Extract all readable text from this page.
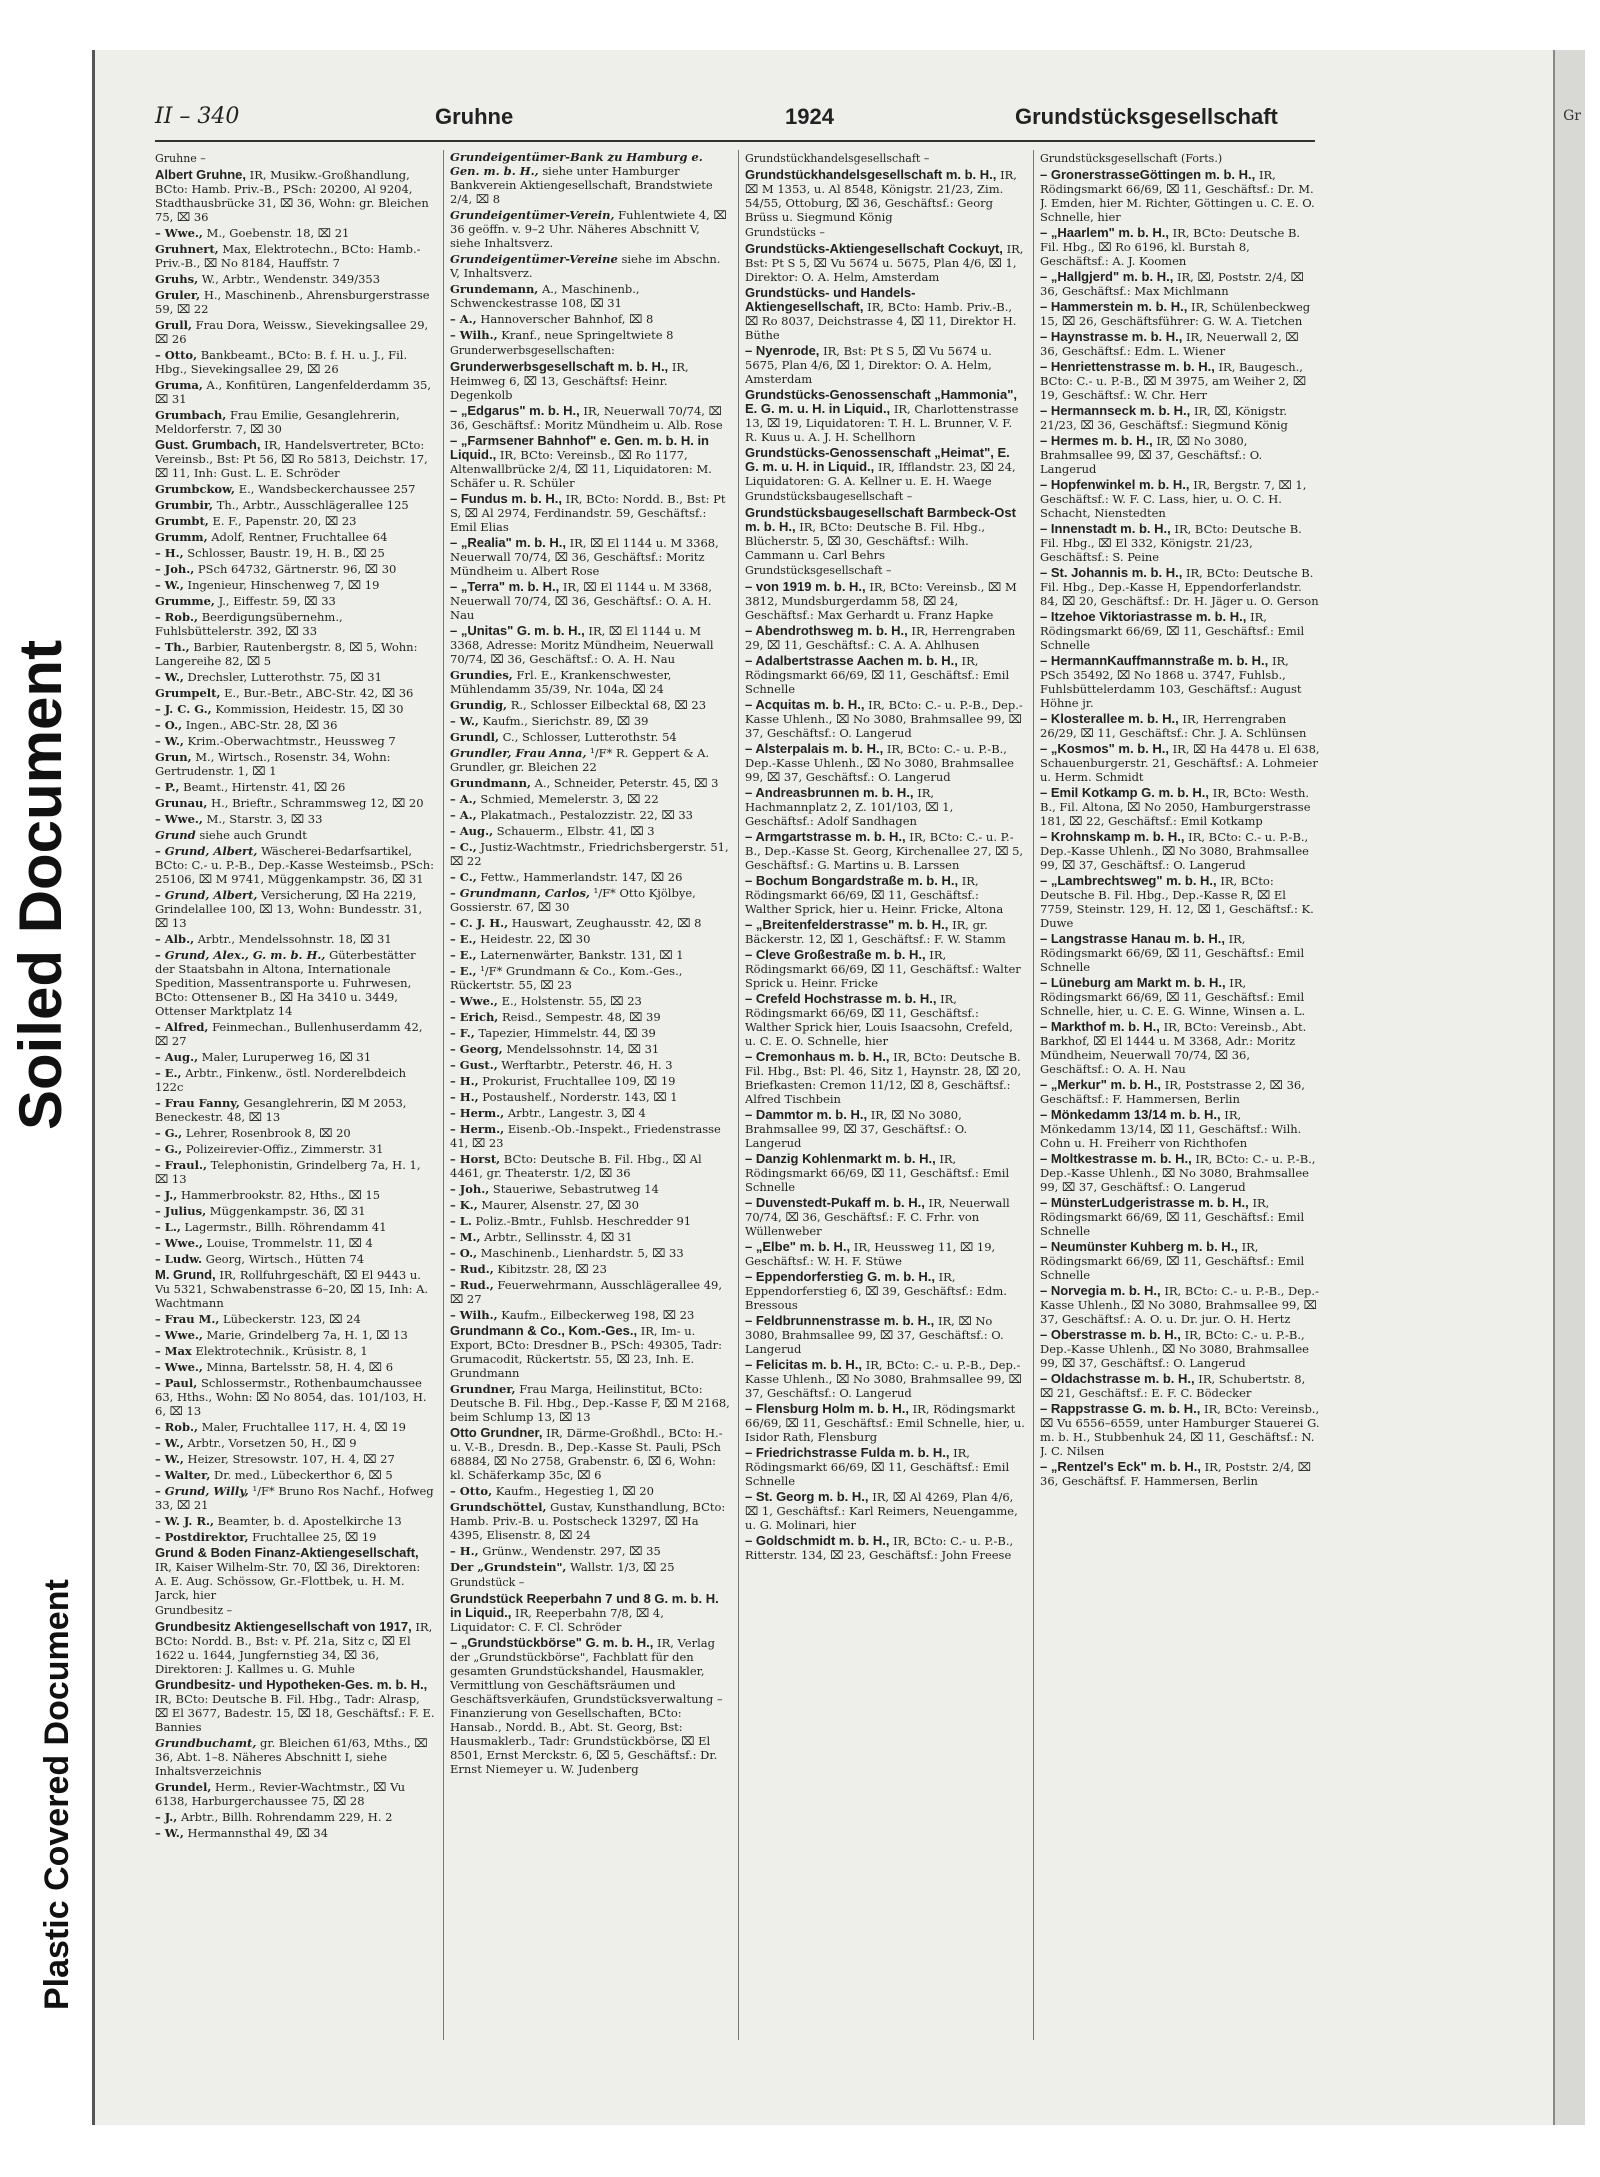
Soiled Document
Plastic Covered Document
Gr
II – 340	Gruhne	1924	Grundstücksgesellschaft
Gruhne –
Albert Gruhne, IR, Musikw.-Großhandlung, BCto: Hamb. Priv.-B., PSch: 20200, Al 9204, Stadthausbrücke 31, ⌧ 36, Wohn: gr. Bleichen 75, ⌧ 36
– Wwe., M., Goebenstr. 18, ⌧ 21
Gruhnert, Max, Elektrotechn., BCto: Hamb.-Priv.-B., ⌧ No 8184, Hauffstr. 7
Gruhs, W., Arbtr., Wendenstr. 349/353
Gruler, H., Maschinenb., Ahrensburgerstrasse 59, ⌧ 22
Grull, Frau Dora, Weissw., Sievekingsallee 29, ⌧ 26
– Otto, Bankbeamt., BCto: B. f. H. u. J., Fil. Hbg., Sievekingsallee 29, ⌧ 26
Gruma, A., Konfitüren, Langenfelderdamm 35, ⌧ 31
Grumbach, Frau Emilie, Gesanglehrerin, Meldorferstr. 7, ⌧ 30
Gust. Grumbach, IR, Handelsvertreter, BCto: Vereinsb., Bst: Pt 56, ⌧ Ro 5813, Deichstr. 17, ⌧ 11, Inh: Gust. L. E. Schröder
Grumbckow, E., Wandsbeckerchaussee 257
Grumbir, Th., Arbtr., Ausschlägerallee 125
Grumbt, E. F., Papenstr. 20, ⌧ 23
Grumm, Adolf, Rentner, Fruchtallee 64
– H., Schlosser, Baustr. 19, H. B., ⌧ 25
– Joh., PSch 64732, Gärtnerstr. 96, ⌧ 30
– W., Ingenieur, Hinschenweg 7, ⌧ 19
Grumme, J., Eiffestr. 59, ⌧ 33
– Rob., Beerdigungsübernehm., Fuhlsbüttelerstr. 392, ⌧ 33
– Th., Barbier, Rautenbergstr. 8, ⌧ 5, Wohn: Langereihe 82, ⌧ 5
– W., Drechsler, Lutterothstr. 75, ⌧ 31
Grumpelt, E., Bur.-Betr., ABC-Str. 42, ⌧ 36
– J. C. G., Kommission, Heidestr. 15, ⌧ 30
– O., Ingen., ABC-Str. 28, ⌧ 36
– W., Krim.-Oberwachtmstr., Heussweg 7
Grun, M., Wirtsch., Rosenstr. 34, Wohn: Gertrudenstr. 1, ⌧ 1
– P., Beamt., Hirtenstr. 41, ⌧ 26
Grunau, H., Brieftr., Schrammsweg 12, ⌧ 20
– Wwe., M., Starstr. 3, ⌧ 33
Grund siehe auch Grundt
– Grund, Albert, Wäscherei-Bedarfsartikel, BCto: C.- u. P.-B., Dep.-Kasse Westeimsb., PSch: 25106, ⌧ M 9741, Müggenkampstr. 36, ⌧ 31
– Grund, Albert, Versicherung, ⌧ Ha 2219, Grindelallee 100, ⌧ 13, Wohn: Bundesstr. 31, ⌧ 13
– Alb., Arbtr., Mendelssohnstr. 18, ⌧ 31
– Grund, Alex., G. m. b. H., Güterbestätter der Staatsbahn in Altona, Internationale Spedition, Massentransporte u. Fuhrwesen, BCto: Ottensener B., ⌧ Ha 3410 u. 3449, Ottenser Marktplatz 14
– Alfred, Feinmechan., Bullenhuserdamm 42, ⌧ 27
– Aug., Maler, Luruperweg 16, ⌧ 31
– E., Arbtr., Finkenw., östl. Norderelbdeich 122c
– Frau Fanny, Gesanglehrerin, ⌧ M 2053, Beneckestr. 48, ⌧ 13
– G., Lehrer, Rosenbrook 8, ⌧ 20
– G., Polizeirevier-Offiz., Zimmerstr. 31
– Fraul., Telephonistin, Grindelberg 7a, H. 1, ⌧ 13
– J., Hammerbrookstr. 82, Hths., ⌧ 15
– Julius, Müggenkampstr. 36, ⌧ 31
– L., Lagermstr., Billh. Röhrendamm 41
– Wwe., Louise, Trommelstr. 11, ⌧ 4
– Ludw. Georg, Wirtsch., Hütten 74
M. Grund, IR, Rollfuhrgeschäft, ⌧ El 9443 u. Vu 5321, Schwabenstrasse 6–20, ⌧ 15, Inh: A. Wachtmann
– Frau M., Lübeckerstr. 123, ⌧ 24
– Wwe., Marie, Grindelberg 7a, H. 1, ⌧ 13
– Max Elektrotechnik., Krüsistr. 8, 1
– Wwe., Minna, Bartelsstr. 58, H. 4, ⌧ 6
– Paul, Schlossermstr., Rothenbaumchaussee 63, Hths., Wohn: ⌧ No 8054, das. 101/103, H. 6, ⌧ 13
– Rob., Maler, Fruchtallee 117, H. 4, ⌧ 19
– W., Arbtr., Vorsetzen 50, H., ⌧ 9
– W., Heizer, Stresowstr. 107, H. 4, ⌧ 27
– Walter, Dr. med., Lübeckerthor 6, ⌧ 5
– Grund, Willy, ¹/F* Bruno Ros Nachf., Hofweg 33, ⌧ 21
– W. J. R., Beamter, b. d. Apostelkirche 13
– Postdirektor, Fruchtallee 25, ⌧ 19
Grund & Boden Finanz-Aktiengesellschaft, IR, Kaiser Wilhelm-Str. 70, ⌧ 36, Direktoren: A. E. Aug. Schössow, Gr.-Flottbek, u. H. M. Jarck, hier
Grundbesitz –
Grundbesitz Aktiengesellschaft von 1917, IR, BCto: Nordd. B., Bst: v. Pf. 21a, Sitz c, ⌧ El 1622 u. 1644, Jungfernstieg 34, ⌧ 36, Direktoren: J. Kallmes u. G. Muhle
Grundbesitz- und Hypotheken-Ges. m. b. H., IR, BCto: Deutsche B. Fil. Hbg., Tadr: Alrasp, ⌧ El 3677, Badestr. 15, ⌧ 18, Geschäftsf.: F. E. Bannies
Grundbuchamt, gr. Bleichen 61/63, Mths., ⌧ 36, Abt. 1–8. Näheres Abschnitt I, siehe Inhaltsverzeichnis
Grundel, Herm., Revier-Wachtmstr., ⌧ Vu 6138, Harburgerchaussee 75, ⌧ 28
– J., Arbtr., Billh. Rohrendamm 229, H. 2
– W., Hermannsthal 49, ⌧ 34
Grundeigentümer-Bank zu Hamburg e. Gen. m. b. H., siehe unter Hamburger Bankverein Aktiengesellschaft, Brandstwiete 2/4, ⌧ 8
Grundeigentümer-Verein, Fuhlentwiete 4, ⌧ 36 geöffn. v. 9–2 Uhr. Näheres Abschnitt V, siehe Inhaltsverz.
Grundeigentümer-Vereine siehe im Abschn. V, Inhaltsverz.
Grundemann, A., Maschinenb., Schwenckestrasse 108, ⌧ 31
– A., Hannoverscher Bahnhof, ⌧ 8
– Wilh., Kranf., neue Springeltwiete 8
Grunderwerbsgesellschaften:
Grunderwerbsgesellschaft m. b. H., IR, Heimweg 6, ⌧ 13, Geschäftsf: Heinr. Degenkolb
– „Edgarus" m. b. H., IR, Neuerwall 70/74, ⌧ 36, Geschäftsf.: Moritz Mündheim u. Alb. Rose
– „Farmsener Bahnhof" e. Gen. m. b. H. in Liquid., IR, BCto: Vereinsb., ⌧ Ro 1177, Altenwallbrücke 2/4, ⌧ 11, Liquidatoren: M. Schäfer u. R. Schüler
– Fundus m. b. H., IR, BCto: Nordd. B., Bst: Pt S, ⌧ Al 2974, Ferdinandstr. 59, Geschäftsf.: Emil Elias
– „Realia" m. b. H., IR, ⌧ El 1144 u. M 3368, Neuerwall 70/74, ⌧ 36, Geschäftsf.: Moritz Mündheim u. Albert Rose
– „Terra" m. b. H., IR, ⌧ El 1144 u. M 3368, Neuerwall 70/74, ⌧ 36, Geschäftsf.: O. A. H. Nau
– „Unitas" G. m. b. H., IR, ⌧ El 1144 u. M 3368, Adresse: Moritz Mündheim, Neuerwall 70/74, ⌧ 36, Geschäftsf.: O. A. H. Nau
Grundies, Frl. E., Krankenschwester, Mühlendamm 35/39, Nr. 104a, ⌧ 24
Grundig, R., Schlosser Eilbecktal 68, ⌧ 23
– W., Kaufm., Sierichstr. 89, ⌧ 39
Grundl, C., Schlosser, Lutterothstr. 54
Grundler, Frau Anna, ¹/F* R. Geppert & A. Grundler, gr. Bleichen 22
Grundmann, A., Schneider, Peterstr. 45, ⌧ 3
– A., Schmied, Memelerstr. 3, ⌧ 22
– A., Plakatmach., Pestalozzistr. 22, ⌧ 33
– Aug., Schauerm., Elbstr. 41, ⌧ 3
– C., Justiz-Wachtmstr., Friedrichsbergerstr. 51, ⌧ 22
– C., Fettw., Hammerlandstr. 147, ⌧ 26
– Grundmann, Carlos, ¹/F* Otto Kjölbye, Gossierstr. 67, ⌧ 30
– C. J. H., Hauswart, Zeughausstr. 42, ⌧ 8
– E., Heidestr. 22, ⌧ 30
– E., Laternenwärter, Bankstr. 131, ⌧ 1
– E., ¹/F* Grundmann & Co., Kom.-Ges., Rückertstr. 55, ⌧ 23
– Wwe., E., Holstenstr. 55, ⌧ 23
– Erich, Reisd., Sempestr. 48, ⌧ 39
– F., Tapezier, Himmelstr. 44, ⌧ 39
– Georg, Mendelssohnstr. 14, ⌧ 31
– Gust., Werftarbtr., Peterstr. 46, H. 3
– H., Prokurist, Fruchtallee 109, ⌧ 19
– H., Postaushelf., Norderstr. 143, ⌧ 1
– Herm., Arbtr., Langestr. 3, ⌧ 4
– Herm., Eisenb.-Ob.-Inspekt., Friedenstrasse 41, ⌧ 23
– Horst, BCto: Deutsche B. Fil. Hbg., ⌧ Al 4461, gr. Theaterstr. 1/2, ⌧ 36
– Joh., Staueriwe, Sebastrutweg 14
– K., Maurer, Alsenstr. 27, ⌧ 30
– L. Poliz.-Bmtr., Fuhlsb. Heschredder 91
– M., Arbtr., Sellinsstr. 4, ⌧ 31
– O., Maschinenb., Lienhardstr. 5, ⌧ 33
– Rud., Kibitzstr. 28, ⌧ 23
– Rud., Feuerwehrmann, Ausschlägerallee 49, ⌧ 27
– Wilh., Kaufm., Eilbeckerweg 198, ⌧ 23
Grundmann & Co., Kom.-Ges., IR, Im- u. Export, BCto: Dresdner B., PSch: 49305, Tadr: Grumacodit, Rückertstr. 55, ⌧ 23, Inh. E. Grundmann
Grundner, Frau Marga, Heilinstitut, BCto: Deutsche B. Fil. Hbg., Dep.-Kasse F, ⌧ M 2168, beim Schlump 13, ⌧ 13
Otto Grundner, IR, Därme-Großhdl., BCto: H.- u. V.-B., Dresdn. B., Dep.-Kasse St. Pauli, PSch 68884, ⌧ No 2758, Grabenstr. 6, ⌧ 6, Wohn: kl. Schäferkamp 35c, ⌧ 6
– Otto, Kaufm., Hegestieg 1, ⌧ 20
Grundschöttel, Gustav, Kunsthandlung, BCto: Hamb. Priv.-B. u. Postscheck 13297, ⌧ Ha 4395, Elisenstr. 8, ⌧ 24
– H., Grünw., Wendenstr. 297, ⌧ 35
Der „Grundstein", Wallstr. 1/3, ⌧ 25
Grundstück –
Grundstück Reeperbahn 7 und 8 G. m. b. H. in Liquid., IR, Reeperbahn 7/8, ⌧ 4, Liquidator: C. F. Cl. Schröder
– „Grundstückbörse" G. m. b. H., IR, Verlag der „Grundstückbörse", Fachblatt für den gesamten Grundstückshandel, Hausmakler, Vermittlung von Geschäftsräumen und Geschäftsverkäufen, Grundstücksverwaltung – Finanzierung von Gesellschaften, BCto: Hansab., Nordd. B., Abt. St. Georg, Bst: Hausmaklerb., Tadr: Grundstückbörse, ⌧ El 8501, Ernst Merckstr. 6, ⌧ 5, Geschäftsf.: Dr. Ernst Niemeyer u. W. Judenberg
Grundstückhandelsgesellschaft –
Grundstückhandelsgesellschaft m. b. H., IR, ⌧ M 1353, u. Al 8548, Königstr. 21/23, Zim. 54/55, Ottoburg, ⌧ 36, Geschäftsf.: Georg Brüss u. Siegmund König
Grundstücks –
Grundstücks-Aktiengesellschaft Cockuyt, IR, Bst: Pt S 5, ⌧ Vu 5674 u. 5675, Plan 4/6, ⌧ 1, Direktor: O. A. Helm, Amsterdam
Grundstücks- und Handels-Aktiengesellschaft, IR, BCto: Hamb. Priv.-B., ⌧ Ro 8037, Deichstrasse 4, ⌧ 11, Direktor H. Büthe
– Nyenrode, IR, Bst: Pt S 5, ⌧ Vu 5674 u. 5675, Plan 4/6, ⌧ 1, Direktor: O. A. Helm, Amsterdam
Grundstücks-Genossenschaft „Hammonia", E. G. m. u. H. in Liquid., IR, Charlottenstrasse 13, ⌧ 19, Liquidatoren: T. H. L. Brunner, V. F. R. Kuus u. A. J. H. Schellhorn
Grundstücks-Genossenschaft „Heimat", E. G. m. u. H. in Liquid., IR, Ifflandstr. 23, ⌧ 24, Liquidatoren: G. A. Kellner u. E. H. Waege
Grundstücksbaugesellschaft –
Grundstücksbaugesellschaft Barmbeck-Ost m. b. H., IR, BCto: Deutsche B. Fil. Hbg., Blücherstr. 5, ⌧ 30, Geschäftsf.: Wilh. Cammann u. Carl Behrs
Grundstücksgesellschaft –
– von 1919 m. b. H., IR, BCto: Vereinsb., ⌧ M 3812, Mundsburgerdamm 58, ⌧ 24, Geschäftsf.: Max Gerhardt u. Franz Hapke
– Abendrothsweg m. b. H., IR, Herrengraben 29, ⌧ 11, Geschäftsf.: C. A. A. Ahlhusen
– Adalbertstrasse Aachen m. b. H., IR, Rödingsmarkt 66/69, ⌧ 11, Geschäftsf.: Emil Schnelle
– Acquitas m. b. H., IR, BCto: C.- u. P.-B., Dep.-Kasse Uhlenh., ⌧ No 3080, Brahmsallee 99, ⌧ 37, Geschäftsf.: O. Langerud
– Alsterpalais m. b. H., IR, BCto: C.- u. P.-B., Dep.-Kasse Uhlenh., ⌧ No 3080, Brahmsallee 99, ⌧ 37, Geschäftsf.: O. Langerud
– Andreasbrunnen m. b. H., IR, Hachmannplatz 2, Z. 101/103, ⌧ 1, Geschäftsf.: Adolf Sandhagen
– Armgartstrasse m. b. H., IR, BCto: C.- u. P.-B., Dep.-Kasse St. Georg, Kirchenallee 27, ⌧ 5, Geschäftsf.: G. Martins u. B. Larssen
– Bochum Bongardstraße m. b. H., IR, Rödingsmarkt 66/69, ⌧ 11, Geschäftsf.: Walther Sprick, hier u. Heinr. Fricke, Altona
– „Breitenfelderstrasse" m. b. H., IR, gr. Bäckerstr. 12, ⌧ 1, Geschäftsf.: F. W. Stamm
– Cleve Großestraße m. b. H., IR, Rödingsmarkt 66/69, ⌧ 11, Geschäftsf.: Walter Sprick u. Heinr. Fricke
– Crefeld Hochstrasse m. b. H., IR, Rödingsmarkt 66/69, ⌧ 11, Geschäftsf.: Walther Sprick hier, Louis Isaacsohn, Crefeld, u. C. E. O. Schnelle, hier
– Cremonhaus m. b. H., IR, BCto: Deutsche B. Fil. Hbg., Bst: Pl. 46, Sitz 1, Haynstr. 28, ⌧ 20, Briefkasten: Cremon 11/12, ⌧ 8, Geschäftsf.: Alfred Tischbein
– Dammtor m. b. H., IR, ⌧ No 3080, Brahmsallee 99, ⌧ 37, Geschäftsf.: O. Langerud
– Danzig Kohlenmarkt m. b. H., IR, Rödingsmarkt 66/69, ⌧ 11, Geschäftsf.: Emil Schnelle
– Duvenstedt-Pukaff m. b. H., IR, Neuerwall 70/74, ⌧ 36, Geschäftsf.: F. C. Frhr. von Wüllenweber
– „Elbe" m. b. H., IR, Heussweg 11, ⌧ 19, Geschäftsf.: W. H. F. Stüwe
– Eppendorferstieg G. m. b. H., IR, Eppendorferstieg 6, ⌧ 39, Geschäftsf.: Edm. Bressous
– Feldbrunnenstrasse m. b. H., IR, ⌧ No 3080, Brahmsallee 99, ⌧ 37, Geschäftsf.: O. Langerud
– Felicitas m. b. H., IR, BCto: C.- u. P.-B., Dep.-Kasse Uhlenh., ⌧ No 3080, Brahmsallee 99, ⌧ 37, Geschäftsf.: O. Langerud
– Flensburg Holm m. b. H., IR, Rödingsmarkt 66/69, ⌧ 11, Geschäftsf.: Emil Schnelle, hier, u. Isidor Rath, Flensburg
– Friedrichstrasse Fulda m. b. H., IR, Rödingsmarkt 66/69, ⌧ 11, Geschäftsf.: Emil Schnelle
– St. Georg m. b. H., IR, ⌧ Al 4269, Plan 4/6, ⌧ 1, Geschäftsf.: Karl Reimers, Neuengamme, u. G. Molinari, hier
– Goldschmidt m. b. H., IR, BCto: C.- u. P.-B., Ritterstr. 134, ⌧ 23, Geschäftsf.: John Freese
Grundstücksgesellschaft (Forts.)
– GronerstrasseGöttingen m. b. H., IR, Rödingsmarkt 66/69, ⌧ 11, Geschäftsf.: Dr. M. J. Emden, hier M. Richter, Göttingen u. C. E. O. Schnelle, hier
– „Haarlem" m. b. H., IR, BCto: Deutsche B. Fil. Hbg., ⌧ Ro 6196, kl. Burstah 8, Geschäftsf.: A. J. Koomen
– „Hallgjerd" m. b. H., IR, ⌧, Poststr. 2/4, ⌧ 36, Geschäftsf.: Max Michlmann
– Hammerstein m. b. H., IR, Schülenbeckweg 15, ⌧ 26, Geschäftsführer: G. W. A. Tietchen
– Haynstrasse m. b. H., IR, Neuerwall 2, ⌧ 36, Geschäftsf.: Edm. L. Wiener
– Henriettenstrasse m. b. H., IR, Baugesch., BCto: C.- u. P.-B., ⌧ M 3975, am Weiher 2, ⌧ 19, Geschäftsf.: W. Chr. Herr
– Hermannseck m. b. H., IR, ⌧, Königstr. 21/23, ⌧ 36, Geschäftsf.: Siegmund König
– Hermes m. b. H., IR, ⌧ No 3080, Brahmsallee 99, ⌧ 37, Geschäftsf.: O. Langerud
– Hopfenwinkel m. b. H., IR, Bergstr. 7, ⌧ 1, Geschäftsf.: W. F. C. Lass, hier, u. O. C. H. Schacht, Nienstedten
– Innenstadt m. b. H., IR, BCto: Deutsche B. Fil. Hbg., ⌧ El 332, Königstr. 21/23, Geschäftsf.: S. Peine
– St. Johannis m. b. H., IR, BCto: Deutsche B. Fil. Hbg., Dep.-Kasse H, Eppendorferlandstr. 84, ⌧ 20, Geschäftsf.: Dr. H. Jäger u. O. Gerson
– Itzehoe Viktoriastrasse m. b. H., IR, Rödingsmarkt 66/69, ⌧ 11, Geschäftsf.: Emil Schnelle
– HermannKauffmannstraße m. b. H., IR, PSch 35492, ⌧ No 1868 u. 3747, Fuhlsb., Fuhlsbüttelerdamm 103, Geschäftsf.: August Höhne jr.
– Klosterallee m. b. H., IR, Herrengraben 26/29, ⌧ 11, Geschäftsf.: Chr. J. A. Schlünsen
– „Kosmos" m. b. H., IR, ⌧ Ha 4478 u. El 638, Schauenburgerstr. 21, Geschäftsf.: A. Lohmeier u. Herm. Schmidt
– Emil Kotkamp G. m. b. H., IR, BCto: Westh. B., Fil. Altona, ⌧ No 2050, Hamburgerstrasse 181, ⌧ 22, Geschäftsf.: Emil Kotkamp
– Krohnskamp m. b. H., IR, BCto: C.- u. P.-B., Dep.-Kasse Uhlenh., ⌧ No 3080, Brahmsallee 99, ⌧ 37, Geschäftsf.: O. Langerud
– „Lambrechtsweg" m. b. H., IR, BCto: Deutsche B. Fil. Hbg., Dep.-Kasse R, ⌧ El 7759, Steinstr. 129, H. 12, ⌧ 1, Geschäftsf.: K. Duwe
– Langstrasse Hanau m. b. H., IR, Rödingsmarkt 66/69, ⌧ 11, Geschäftsf.: Emil Schnelle
– Lüneburg am Markt m. b. H., IR, Rödingsmarkt 66/69, ⌧ 11, Geschäftsf.: Emil Schnelle, hier, u. C. E. G. Winne, Winsen a. L.
– Markthof m. b. H., IR, BCto: Vereinsb., Abt. Barkhof, ⌧ El 1444 u. M 3368, Adr.: Moritz Mündheim, Neuerwall 70/74, ⌧ 36, Geschäftsf.: O. A. H. Nau
– „Merkur" m. b. H., IR, Poststrasse 2, ⌧ 36, Geschäftsf.: F. Hammersen, Berlin
– Mönkedamm 13/14 m. b. H., IR, Mönkedamm 13/14, ⌧ 11, Geschäftsf.: Wilh. Cohn u. H. Freiherr von Richthofen
– Moltkestrasse m. b. H., IR, BCto: C.- u. P.-B., Dep.-Kasse Uhlenh., ⌧ No 3080, Brahmsallee 99, ⌧ 37, Geschäftsf.: O. Langerud
– MünsterLudgeristrasse m. b. H., IR, Rödingsmarkt 66/69, ⌧ 11, Geschäftsf.: Emil Schnelle
– Neumünster Kuhberg m. b. H., IR, Rödingsmarkt 66/69, ⌧ 11, Geschäftsf.: Emil Schnelle
– Norvegia m. b. H., IR, BCto: C.- u. P.-B., Dep.-Kasse Uhlenh., ⌧ No 3080, Brahmsallee 99, ⌧ 37, Geschäftsf.: A. O. u. Dr. jur. O. H. Hertz
– Oberstrasse m. b. H., IR, BCto: C.- u. P.-B., Dep.-Kasse Uhlenh., ⌧ No 3080, Brahmsallee 99, ⌧ 37, Geschäftsf.: O. Langerud
– Oldachstrasse m. b. H., IR, Schubertstr. 8, ⌧ 21, Geschäftsf.: E. F. C. Bödecker
– Rappstrasse G. m. b. H., IR, BCto: Vereinsb., ⌧ Vu 6556–6559, unter Hamburger Stauerei G. m. b. H., Stubbenhuk 24, ⌧ 11, Geschäftsf.: N. J. C. Nilsen
– „Rentzel's Eck" m. b. H., IR, Poststr. 2/4, ⌧ 36, Geschäftsf. F. Hammersen, Berlin
